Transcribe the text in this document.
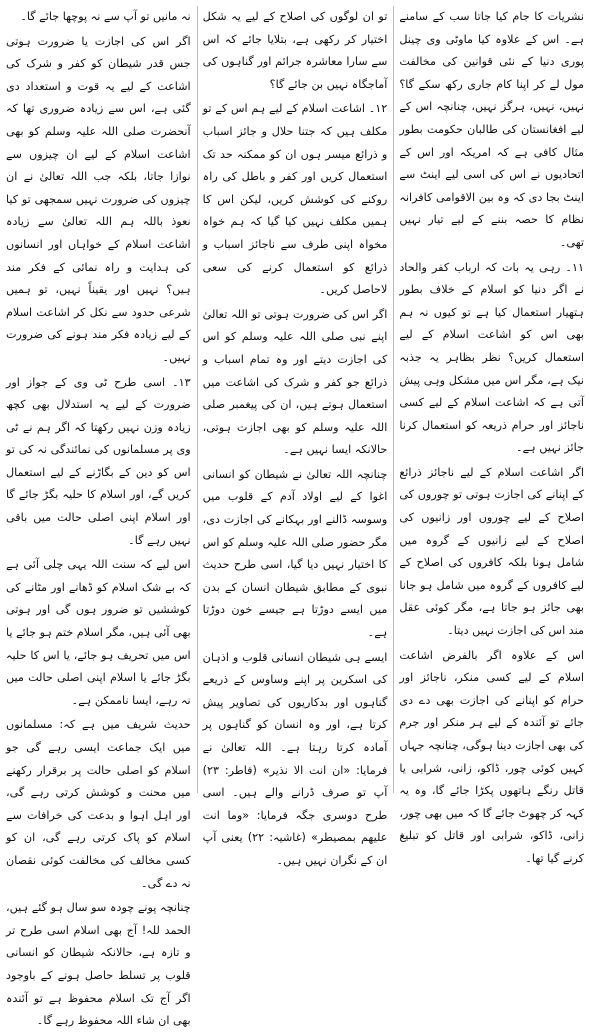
نشریات کا جام کیا جاتا سب کے سامنے ہے۔ اس کے علاوہ کیا ماوٹی وی چینل پوری دنیا کے نئی قوانین کی مخالفت مول لے کر اپنا کام جاری رکھ سکے گا؟ نہیں، نہیں، ہرگز نہیں، چنانچہ اس کے لیے افغانستان کی طالبان حکومت بطور مثال کافی ہے کہ امریکہ اور اس کے اتحادیوں نے اس کی اسی لیے اینٹ سے اینٹ بجا دی کہ وہ بین الاقوامی کافرانہ نظام کا حصہ بننے کے لیے تیار نہیں تھی۔

۱۱۔ رہی یہ بات کہ ارباب کفر والحاد نے اگر دنیا کو اسلام کے خلاف بطور ہتھیار استعمال کیا ہے تو کیوں نہ ہم بھی اس کو اشاعت اسلام کے لیے استعمال کریں؟ نظر بظاہر یہ جذبہ نیک ہے، مگر اس میں مشکل وہی پیش آتی ہے کہ اشاعت اسلام کے لیے کسی ناجائز اور حرام ذریعہ کو استعمال کرنا جائز نہیں ہے۔

اگر اشاعت اسلام کے لیے ناجائز ذرائع کے اپنانے کی اجازت ہوتی تو چوروں کی اصلاح کے لیے چوروں اور زانیوں کی اصلاح کے لیے زانیوں کے گروہ میں شامل ہونا بلکہ کافروں کی اصلاح کے لیے کافروں کے گروہ میں شامل ہو جانا بھی جائز ہو جاتا ہے، مگر کوئی عقل مند اس کی اجازت نہیں دیتا۔

اس کے علاوہ اگر بالفرض اشاعت اسلام کے لیے کسی منکر، ناجائز اور حرام کو اپنانے کی اجازت بھی دے دی جائے تو آئندہ کے لیے ہر منکر اور جرم کی بھی اجازت دینا ہوگی، چنانچہ جہاں کہیں کوئی چور، ڈاکو، زانی، شرابی یا قاتل رنگے ہاتھوں پکڑا جائے گا، وہ یہ کہہ کر چھوٹ جائے گا کہ میں بھی چور، زانی، ڈاکو، شرابی اور قاتل کو تبلیغ کرنے گیا تھا۔

تو ان لوگوں کی اصلاح کے لیے یہ شکل اختیار کر رکھی ہے، بتلایا جائے کہ اس سے سارا معاشرہ جرائم اور گناہوں کی آماجگاہ نہیں بن جائے گا؟

۱۲۔ اشاعت اسلام کے لیے ہم اس کے تو مکلف ہیں کہ جتنا حلال و جائز اسباب و ذرائع میسر ہوں ان کو ممکنہ حد تک استعمال کریں اور کفر و باطل کی راہ روکنے کی کوشش کریں، لیکن اس کا ہمیں مکلف نہیں کیا گیا کہ ہم خواہ مخواہ اپنی طرف سے ناجائز اسباب و ذرائع کو استعمال کرنے کی سعی لاحاصل کریں۔

اگر اس کی ضرورت ہوتی تو اللہ تعالیٰ اپنے نبی صلی اللہ علیہ وسلم کو اس کی اجازت دیتے اور وہ تمام اسباب و ذرائع جو کفر و شرک کی اشاعت میں استعمال ہوتے ہیں، ان کی پیغمبر صلی اللہ علیہ وسلم کو بھی اجازت ہوتی، حالانکہ ایسا نہیں ہے۔

چنانچہ اللہ تعالیٰ نے شیطان کو انسانی اغوا کے لیے اولاد آدم کے قلوب میں وسوسہ ڈالنے اور بہکانے کی اجازت دی، مگر حضور صلی اللہ علیہ وسلم کو اس کا اختیار نہیں دیا گیا، اسی طرح حدیث نبوی کے مطابق شیطان انسان کے بدن میں ایسے دوڑتا ہے جیسے خون دوڑتا ہے۔

ایسے ہی شیطان انسانی قلوب و اذہان کی اسکرین پر اپنے وساوس کے ذریعے گناہوں اور بدکاریوں کی تصاویر پیش کرتا ہے، اور وہ انسان کو گناہوں پر آمادہ کرتا رہتا ہے۔ اللہ تعالیٰ نے فرمایا: «ان انت الا نذیر» (فاطر: ۲۳) آپ تو صرف ڈرانے والے ہیں۔ اسی طرح دوسری جگہ فرمایا: «وما انت علیھم بمصیطر» (غاشیہ: ۲۲) یعنی آپ ان کے نگران نہیں ہیں۔

نہ مانیں تو آپ سے نہ پوچھا جائے گا۔

اگر اس کی اجازت یا ضرورت ہوتی جس قدر شیطان کو کفر و شرک کی اشاعت کے لیے یہ قوت و استعداد دی گئی ہے، اس سے زیادہ ضروری تھا کہ آنحضرت صلی اللہ علیہ وسلم کو بھی اشاعت اسلام کے لیے ان چیزوں سے نوازا جاتا، بلکہ جب اللہ تعالیٰ نے ان چیزوں کی ضرورت نہیں سمجھی تو کیا نعوذ باللہ ہم اللہ تعالیٰ سے زیادہ اشاعت اسلام کے خواہاں اور انسانوں کی ہدایت و راہ نمائی کے فکر مند ہیں؟ نہیں اور یقیناً نہیں، تو ہمیں شرعی حدود سے نکل کر اشاعت اسلام کے لیے زیادہ فکر مند ہونے کی ضرورت نہیں۔

۱۳۔ اسی طرح ٹی وی کے جواز اور ضرورت کے لیے یہ استدلال بھی کچھ زیادہ وزن نہیں رکھتا کہ اگر ہم نے ٹی وی پر مسلمانوں کی نمائندگی نہ کی تو اس کو دین کے بگاڑنے کے لیے استعمال کریں گے، اور اسلام کا حلیہ بگڑ جائے گا اور اسلام اپنی اصلی حالت میں باقی نہیں رہے گا۔

اس لیے کہ سنت اللہ یہی چلی آئی ہے کہ بے شک اسلام کو ڈھانے اور مٹانے کی کوششیں تو ضرور ہوں گی اور ہوتی بھی آئی ہیں، مگر اسلام ختم ہو جائے یا اس میں تحریف ہو جائے، یا اس کا حلیہ بگڑ جائے یا اسلام اپنی اصلی حالت میں نہ رہے، ایسا ناممکن ہے۔

حدیث شریف میں ہے کہ: مسلمانوں میں ایک جماعت ایسی رہے گی جو اسلام کو اصلی حالت پر برقرار رکھنے میں محنت و کوشش کرتی رہے گی، اور اہل اہوا و بدعت کی خرافات سے اسلام کو پاک کرتی رہے گی، ان کو کسی مخالف کی مخالفت کوئی نقصان نہ دے گی۔

چنانچہ پونے چودہ سو سال ہو گئے ہیں، الحمد للہ! آج بھی اسلام اسی طرح تر و تازہ ہے، حالانکہ شیطان کو انسانی قلوب پر تسلط حاصل ہونے کے باوجود اگر آج تک اسلام محفوظ ہے تو آئندہ بھی ان شاء اللہ محفوظ رہے گا۔
